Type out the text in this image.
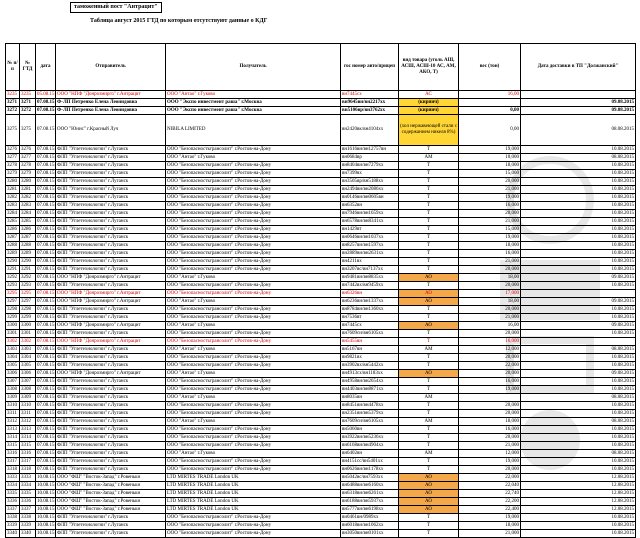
таможенный пост "Антрацит"
Таблица август 2015 ГТД по которым отсутствуют данные о КДГ
№ п/п	№ ГТД	дата	Отправитель	Получатель	гос номер авто/прицеп	вид товара (уголь АШ, АСШ, АСШ-10 АС, АМ, АКО, Т)	вес (тон)	Дата доставки в ТП "Должанский"
3235	3235	05.08.15	ООО "НПФ "Донрозмирго" г.Антрацит	ООО "Антао" г.Гуково	вн7445сх	АС	16,00	
3271	3271	07.08.15	Ф-ЛП Петренко Елена Леонидовна	ООО "Экспо инвестмент раша" г.Москва	вн9645вн/вн2217хх	(кирпич)		09.08.2015
3272	3272	07.08.15	Ф-ЛП Петренко Елена Леонидовна	ООО "Экспо инвестмент раша" г.Москва	вн5106вр/вн3762хх	(кирпич)	0,00	09.08.2015
3275	3275	07.08.15	ООО "Юнис" г.Красный Луч	NIBILA LIMITED	вн2420вк/вн4104хх	(хол нержавеющей стали с содержанием никеля 8%)	0,00	08.08.2015
3276	3276	07.08.15	ФЛП "Углетехнологии" г.Луганск	ООО "Безопасностьтрансолит" г.Ростов-на-Дону	вн1616вн/вн12757вн	Т	19,000	10.08.2015
3277	3277	07.08.15	ФЛП "Углетехнологии" г.Луганск	ООО "Антао" г.Гуково	вн0684вр	АМ	10,000	08.08.2015
3278	3278	07.08.15	ФЛП "Углетехнологии" г.Луганск	ООО "Безопасностьтрансолит" г.Ростов-на-Дону	вн8404вн/вн7279хх	Т	18,000	10.08.2015
3279	3279	07.08.15	ФЛП "Углетехнологии" г.Луганск	ООО "Безопасностьтрансолит" г.Ростов-на-Дону	вн7399вх	Т	15,000	10.08.2015
3280	3280	07.08.15	ФЛП "Углетехнологии" г.Луганск	ООО "Безопасностьтрансолит" г.Ростов-на-Дону	вн3505вр/вн5188хх	Т	20,000	10.08.2015
3281	3281	07.08.15	ФЛП "Углетехнологии" г.Луганск	ООО "Безопасностьтрансолит" г.Ростов-на-Дону	вн2494вн/вн2086хх	Т	21,000	10.08.2015
3282	3282	07.08.15	ФЛП "Углетехнологии" г.Луганск	ООО "Безопасностьтрансолит" г.Ростов-на-Дону	вн0146вн/вн0605вн	Т	19,000	10.08.2015
3283	3283	07.08.15	ФЛП "Углетехнологии" г.Луганск	ООО "Безопасностьтрансолит" г.Ростов-на-Дону	вн6352вн	Т	16,000	10.08.2015
3284	3284	07.08.15	ФЛП "Углетехнологии" г.Луганск	ООО "Безопасностьтрансолит" г.Ростов-на-Дону	вн7946вн/вн1659хх	Т	20,000	10.08.2015
3285	3285	07.08.15	ФЛП "Углетехнологии" г.Луганск	ООО "Безопасностьтрансолит" г.Ростов-на-Дону	вн6578вн/вн8341хх	Т	21,000	10.08.2015
3286	3286	07.08.15	ФЛП "Углетехнологии" г.Луганск	ООО "Безопасностьтрансолит" г.Ростов-на-Дону	вн1429вт	Т	15,000	10.08.2015
3287	3287	07.08.15	ФЛП "Углетехнологии" г.Луганск	ООО "Безопасностьтрансолит" г.Ростов-на-Дону	вн0646вн/вн1037хх	Т	19,000	10.08.2015
3288	3288	07.08.15	ФЛП "Углетехнологии" г.Луганск	ООО "Безопасностьтрансолит" г.Ростов-на-Дону	вн8257вн/вн1597хх	Т	18,000	10.08.2015
3289	3289	07.08.15	ФЛП "Углетехнологии" г.Луганск	ООО "Безопасностьтрансолит" г.Ростов-на-Дону	вн2889вн/вн2631хх	Т	16,000	10.08.2015
3290	3290	07.08.15	ФЛП "Углетехнологии" г.Луганск	ООО "Безопасностьтрансолит" г.Ростов-на-Дону	вн4211вх	Т	21,000	10.08.2015
3291	3291	07.08.15	ФЛП "Углетехнологии" г.Луганск	ООО "Безопасностьтрансолит" г.Ростов-на-Дону	вн3207вс/вн7137хх	Т	20,000	10.08.2015
3292	3292	07.08.15	ООО "НПФ "Донрозмирго" г.Антрацит	ООО "Антао" г.Гуково	вн9481вн/вн8835хх	АО	18,00	09.08.2015
3293	3293	07.08.15	ФЛП "Углетехнологии" г.Луганск	ООО "Безопасностьтрансолит" г.Ростов-на-Дону	вн7442вх/вн9459хх	Т	20,000	10.08.2015
3295	3295	07.08.15	ООО "НПФ "Донрозмирго" г.Антрацит	ООО "Безопасностьтрансолит" г.Ростов-на-Дону	вн6326вн	АО	17,000	
3297	3297	07.08.15	ООО "НПФ "Донрозмирго" г.Антрацит	ООО "Антао" г.Гуково	вн6236вн/вн1337хх	АО	18,00	09.08.2015
3298	3298	07.08.15	ФЛП "Углетехнологии" г.Луганск	ООО "Безопасностьтрансолит" г.Ростов-на-Дону	вн8784вн/вн1360хх	Т	20,000	10.08.2015
3299	3299	07.08.15	ФЛП "Углетехнологии" г.Луганск	ООО "Безопасностьтрансолит" г.Ростов-на-Дону	вн7536вт	Т	21,000	10.08.2015
3300	3300	07.08.15	ООО "НПФ "Донрозмирго" г.Антрацит	ООО "Антао" г.Гуково	вн7445сх	АО	16,00	09.08.2015
3301	3301	07.08.15	ФЛП "Углетехнологии" г.Луганск	ООО "Безопасностьтрансолит" г.Ростов-на-Дону	вн7609сн/вн6105хх	Т	20,000	10.08.2015
3302	3302	07.08.15	ООО "НПФ "Донрозмирго" г.Антрацит	ООО "Безопасностьтрансолит" г.Ростов-на-Дону	вн5455вн	Т	16,000	
3303	3303	07.08.15	ФЛП "Углетехнологии" г.Луганск	ООО "Антао" г.Гуково	вн5167вн	АМ	12,000	08.08.2015
3304	3304	07.08.15	ФЛП "Углетехнологии" г.Луганск	ООО "Безопасностьтрансолит" г.Ростов-на-Дону	вн9821вх	Т	20,000	10.08.2015
3305	3305	07.08.15	ФЛП "Углетехнологии" г.Луганск	ООО "Безопасностьтрансолит" г.Ростов-на-Дону	вн3902вх/вн5442хх	Т	22,000	10.08.2015
3306	3306	07.08.15	ООО "НПФ "Донрозмирго" г.Антрацит	ООО "Антао" г.Гуково	вн4913сх/вн1183хх	АО	20,000	09.08.2015
3307	3307	07.08.15	ФЛП "Углетехнологии" г.Луганск	ООО "Безопасностьтрансолит" г.Ростов-на-Дону	вн4958вн/вн2654хх	Т	16,000	10.08.2015
3308	3308	07.08.15	ФЛП "Углетехнологии" г.Луганск	ООО "Безопасностьтрансолит" г.Ростов-на-Дону	вн4403вн/вн8871хх	Т	19,000	10.08.2015
3309	3309	07.08.15	ФЛП "Углетехнологии" г.Луганск	ООО "Антао" г.Гуково	вн8035вн	АМ		08.08.2015
3310	3310	07.08.15	ФЛП "Углетехнологии" г.Луганск	ООО "Безопасностьтрансолит" г.Ростов-на-Дону	вн8451вн/вн4478хх	Т	20,000	10.08.2015
3311	3311	07.08.15	ФЛП "Углетехнологии" г.Луганск	ООО "Безопасностьтрансолит" г.Ростов-на-Дону	вн2351вн/вн5379хх	Т	20,000	10.08.2015
3312	3312	07.08.15	ФЛП "Углетехнологии" г.Луганск	ООО "Антао" г.Гуково	вн7609сн/вн6105хх	АМ	18,000	08.08.2015
3313	3313	07.08.15	ФЛП "Углетехнологии" г.Луганск	ООО "Безопасностьтрансолит" г.Ростов-на-Дону	вн5060вн	Т	16,000	10.08.2015
3314	3314	07.08.15	ФЛП "Углетехнологии" г.Луганск	ООО "Безопасностьтрансолит" г.Ростов-на-Дону	вн3922вн/вн5236хх	Т	20,000	10.08.2015
3315	3315	07.08.15	ФЛП "Углетехнологии" г.Луганск	ООО "Безопасностьтрансолит" г.Ростов-на-Дону	вн6168вн/вн4904хх	Т	21,000	10.08.2015
3316	3316	07.08.15	ФЛП "Углетехнологии" г.Луганск	ООО "Антао" г.Гуково	вн6402вн	АМ	12,000	08.08.2015
3317	3317	07.08.15	ФЛП "Углетехнологии" г.Луганск	ООО "Безопасностьтрансолит" г.Ростов-на-Дону	вн4151сс/вн5401хх	Т	19,000	10.08.2015
3318	3318	07.08.15	ФЛП "Углетехнологии" г.Луганск	ООО "Безопасностьтрансолит" г.Ростов-на-Дону	вн0626вн/вн1178хх	Т	20,000	10.08.2015
3333	3333	10.08.15	ООО "ФШ" "Восток-Запад" г.Ровеньки	LTD MIRTES TRADE London UK	вн5042вс/вн7593хх	АО	22,000	12.08.2015
3334	3334	10.08.15	ООО "ФШ" "Восток-Запад" г.Ровеньки	LTD MIRTES TRADE London UK	вн6488вн/вн6160хх	АО	22,040	12.08.2015
3335	3335	10.08.15	ООО "ФШ" "Восток-Запад" г.Ровеньки	LTD MIRTES TRADE London UK	вн6318вн/вн6261хх	АО	22,740	12.08.2015
3336	3336	10.08.15	ООО "ФШ" "Восток-Запад" г.Ровеньки	LTD MIRTES TRADE London UK	вн6188вн/вн5937хх	АО	22,200	12.08.2015
3337	3337	10.08.15	ООО "ФШ" "Восток-Запад" г.Ровеньки	LTD MIRTES TRADE London UK	вн5777вн/вн6198хх	АО	22,400	12.08.2015
3338	3338	10.08.15	ФЛП "Углетехнологии" г.Луганск	ООО "Безопасностьтрансолит" г.Ростов-на-Дону	вн0461вн/0989хх	Т	19,000	10.08.2015
3339	3339	10.08.15	ФЛП "Углетехнологии" г.Луганск	ООО "Безопасностьтрансолит" г.Ростов-на-Дону	вн6018вн/вн1062хх	Т	18,000	10.08.2015
3340	3340	10.08.15	ФЛП "Углетехнологии" г.Луганск	ООО "Безопасностьтрансолит" г.Ростов-на-Дону	вн3050вн/вн0101хх	Т	21,000	10.08.2015
